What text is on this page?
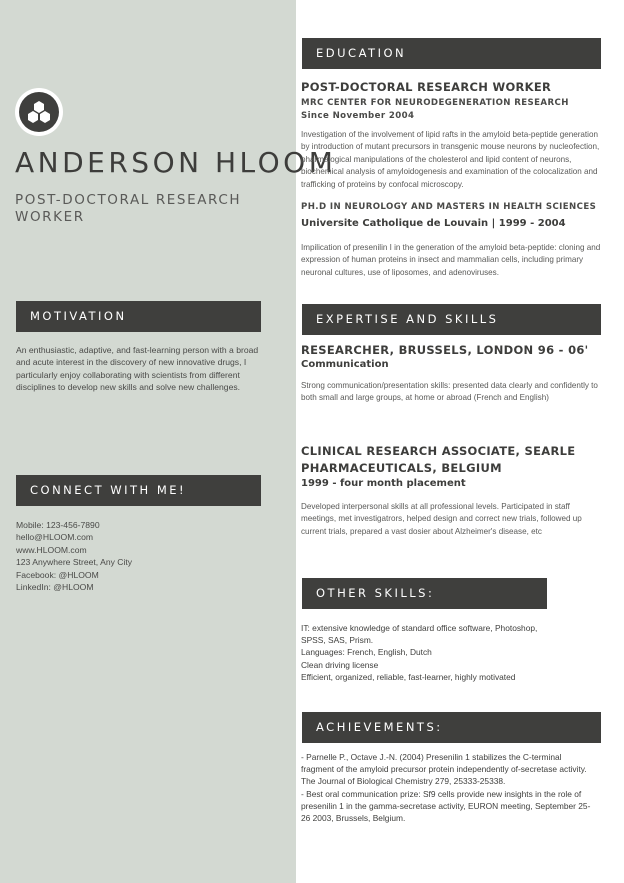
ANDERSON HLOOM
POST-DOCTORAL RESEARCH WORKER
MOTIVATION
An enthusiastic, adaptive, and fast-learning person with a broad and acute interest in the discovery of new innovative drugs, I particularly enjoy collaborating with scientists from different disciplines to develop new skills and solve new challenges.
CONNECT WITH ME!
Mobile: 123-456-7890
hello@HLOOM.com
www.HLOOM.com
123 Anywhere Street, Any City
Facebook: @HLOOM
LinkedIn: @HLOOM
EDUCATION
POST-DOCTORAL RESEARCH WORKER
MRC CENTER FOR NEURODEGENERATION RESEARCH
Since November 2004
Investigation of the involvement of lipid rafts in the amyloid beta-peptide generation by introduction of mutant precursors in transgenic mouse neurons by nucleofection, pharmalogical manipulations of the cholesterol and lipid content of neurons, biochemical analysis of amyloidogenesis and examination of the colocalization and trafficking of proteins by confocal microscopy.
PH.D IN NEUROLOGY AND MASTERS IN HEALTH SCIENCES
Universite Catholique de Louvain | 1999 - 2004
Impilication of presenilin I in the generation of the amyloid beta-peptide: cloning and expression of human proteins in insect and mammalian cells, including primary neuronal cultures, use of liposomes, and adenoviruses.
EXPERTISE AND SKILLS
RESEARCHER, BRUSSELS, LONDON 96 - 06'
Communication
Strong communication/presentation skills: presented data clearly and confidently to both small and large groups, at home or abroad (French and English)
CLINICAL RESEARCH ASSOCIATE, SEARLE
PHARMACEUTICALS, BELGIUM
1999 - four month placement
Developed interpersonal skills at all professional levels. Participated in staff meetings, met investigatrors, helped design and correct new trials, followed up current trials, prepared a vast dosier about Alzheimer's disease, etc
OTHER SKILLS:
IT: extensive knowledge of standard office software, Photoshop,
SPSS, SAS, Prism.
Languages: French, English, Dutch
Clean driving license
Efficient, organized, reliable, fast-learner, highly motivated
ACHIEVEMENTS:
- Parnelle P., Octave J.-N. (2004) Presenilin 1 stabilizes the C-terminal fragment of the amyloid precursor protein independently of-secretase activity. The Journal of Biological Chemistry 279, 25333-25338.
- Best oral communication prize: Sf9 cells provide new insights in the role of presenilin 1 in the gamma-secretase activity, EURON meeting, September 25-26 2003, Brussels, Belgium.
